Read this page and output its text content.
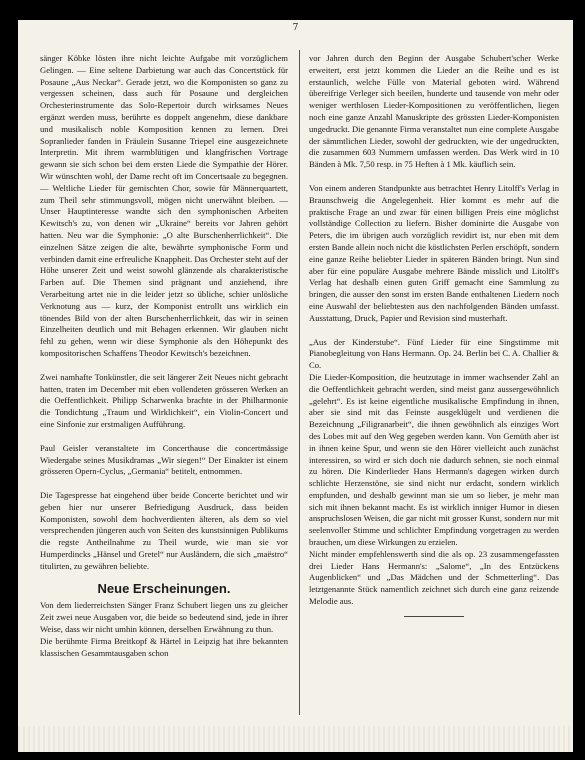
7

sänger Köbke lösten ihre nicht leichte Aufgabe mit vorzüglichem Gelingen. — Eine seltene Darbietung war auch das Concertstück für Posaune „Aus Neckar“. Gerade jetzt, wo die Komponisten so ganz zu vergessen scheinen, dass auch für Posaune und dergleichen Orchesterinstrumente das Solo-Repertoir durch wirksames Neues ergänzt werden muss, berührte es doppelt angenehm, diese dankbare und musikalisch noble Komposition kennen zu lernen. Drei Sopranlieder fanden in Fräulein Susanne Triepel eine ausgezeichnete Interpretin. Mit ihrem warmblütigen und klangfrischen Vortrage gewann sie sich schon bei dem ersten Liede die Sympathie der Hörer. Wir wünschten wohl, der Dame recht oft im Concertsaale zu begegnen. — Weltliche Lieder für gemischten Chor, sowie für Männerquartett, zum Theil sehr stimmungsvoll, mögen nicht unerwähnt bleiben. — Unser Hauptinteresse wandte sich den symphonischen Arbeiten Kewitsch's zu, von denen wir „Ukraine“ bereits vor Jahren gehört hatten. Neu war die Symphonie: „O alte Burschenherrlichkeit“. Die einzelnen Sätze zeigen die alte, bewährte symphonische Form und verbinden damit eine erfreuliche Knappheit. Das Orchester steht auf der Höhe unserer Zeit und weist sowohl glänzende als charakteristische Farben auf. Die Themen sind prägnant und anziehend, ihre Verarbeitung artet nie in die leider jetzt so übliche, schier unlösliche Verknotung aus — kurz, der Komponist entrollt uns wirklich ein tönendes Bild von der alten Burschenherrlichkeit, das wir in seinen Einzelheiten deutlich und mit Behagen erkennen. Wir glauben nicht fehl zu gehen, wenn wir diese Symphonie als den Höhepunkt des kompositorischen Schaffens Theodor Kewitsch's bezeichnen.

Zwei namhafte Tonkünstler, die seit längerer Zeit Neues nicht gebracht hatten, traten im December mit eben vollendeten grösseren Werken an die Oeffentlichkeit. Philipp Scharwenka brachte in der Philharmonie die Tondichtung „Traum und Wirklichkeit“, ein Violin-Concert und eine Sinfonie zur erstmaligen Aufführung.

Paul Geisler veranstaltete im Concerthause die concertmässige Wiedergabe seines Musikdramas „Wir siegen!“ Der Einakter ist einem grösseren Opern-Cyclus, „Germania“ betitelt, entnommen.

Die Tagespresse hat eingehend über beide Concerte berichtet und wir geben hier nur unserer Befriedigung Ausdruck, dass beiden Komponisten, sowohl dem hochverdienten älteren, als dem so viel versprechenden jüngeren auch von Seiten des kunstsinnigen Publikums die regste Antheilnahme zu Theil wurde, wie man sie vor Humperdincks „Hänsel und Gretel“ nur Ausländern, die sich „maëstro“ titulirten, zu gewähren beliebte.

Neue Erscheinungen.

Von dem liederreichsten Sänger Franz Schubert liegen uns zu gleicher Zeit zwei neue Ausgaben vor, die beide so bedeutend sind, jede in ihrer Weise, dass wir nicht umhin können, derselben Erwähnung zu thun.

Die berühmte Firma Breitkopf & Härtel in Leipzig hat ihre bekannten klassischen Gesammtausgaben schon

vor Jahren durch den Beginn der Ausgabe Schubert'scher Werke erweitert, erst jetzt kommen die Lieder an die Reihe und es ist erstaunlich, welche Fülle von Material geboten wird. Während übereifrige Verleger sich beeilen, hunderte und tausende von mehr oder weniger werthlosen Lieder-Kompositionen zu veröffentlichen, liegen noch eine ganze Anzahl Manuskripte des grössten Lieder-Komponisten ungedruckt. Die genannte Firma veranstaltet nun eine complete Ausgabe der sämmtlichen Lieder, sowohl der gedruckten, wie der ungedruckten, die zusammen 603 Nummern umfassen werden. Das Werk wird in 10 Bänden à Mk. 7,50 resp. in 75 Heften à 1 Mk. käuflich sein.

Von einem anderen Standpunkte aus betrachtet Henry Litolff's Verlag in Braunschweig die Angelegenheit. Hier kommt es mehr auf die praktische Frage an und zwar für einen billigen Preis eine möglichst vollständige Collection zu liefern. Bisher dominirte die Ausgabe von Peters, die im übrigen auch vorzüglich revidirt ist, nur eben mit dem ersten Bande allein noch nicht die köstlichsten Perlen erschöpft, sondern eine ganze Reihe beliebter Lieder in späteren Bänden bringt. Nun sind aber für eine populäre Ausgabe mehrere Bände misslich und Litolff's Verlag hat deshalb einen guten Griff gemacht eine Sammlung zu bringen, die ausser den sonst im ersten Bande enthaltenen Liedern noch eine Auswahl der beliebtesten aus den nachfolgenden Bänden umfasst. Ausstattung, Druck, Papier und Revision sind musterhaft.

„Aus der Kinderstube“. Fünf Lieder für eine Singstimme mit Pianobegleitung von Hans Hermann. Op. 24. Berlin bei C. A. Challier & Co.

Die Lieder-Komposition, die heutzutage in immer wachsender Zahl an die Oeffentlichkeit gebracht werden, sind meist ganz aussergewöhnlich „gelehrt“. Es ist keine eigentliche musikalische Empfindung in ihnen, aber sie sind mit das Feinste ausgeklügelt und verdienen die Bezeichnung „Filigranarbeit“, die ihnen gewöhnlich als einziges Wort des Lobes mit auf den Weg gegeben werden kann. Von Gemüth aber ist in ihnen keine Spur, und wenn sie den Hörer vielleicht auch zunächst interessiren, so wird er sich doch nie dadurch sehnen, sie noch einmal zu hören. Die Kinderlieder Hans Hermann's dagegen wirken durch schlichte Herzenstöne, sie sind nicht nur erdacht, sondern wirklich empfunden, und deshalb gewinnt man sie um so lieber, je mehr man sich mit ihnen bekannt macht. Es ist wirklich inniger Humor in diesen anspruchslosen Weisen, die gar nicht mit grosser Kunst, sondern nur mit seelenvoller Stimme und schlichter Empfindung vorgetragen zu werden brauchen, um diese Wirkungen zu erzielen.

Nicht minder empfehlenswerth sind die als op. 23 zusammengefassten drei Lieder Hans Hermann's: „Salome“, „In des Entzückens Augenblicken“ und „Das Mädchen und der Schmetterling“. Das letztgenannte Stück namentlich zeichnet sich durch eine ganz reizende Melodie aus.
